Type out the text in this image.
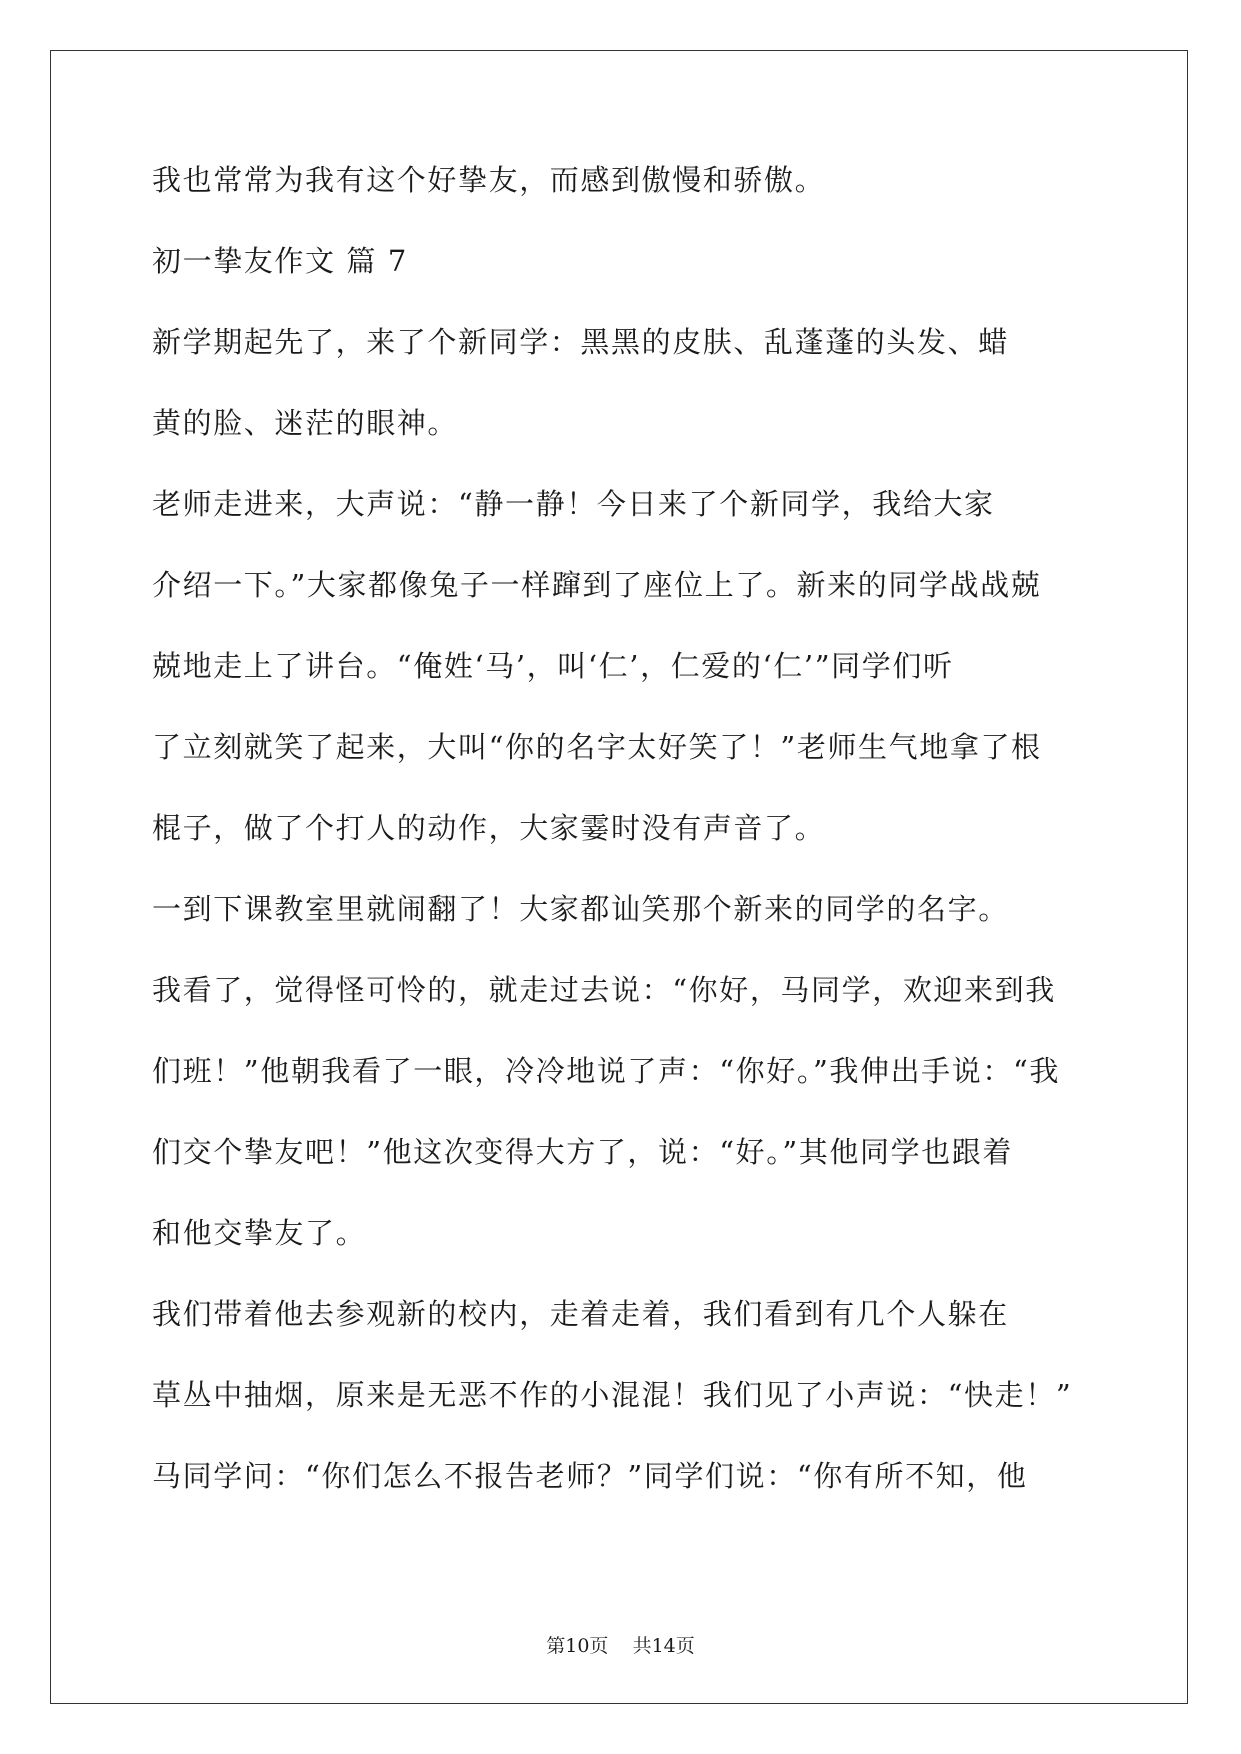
我也常常为我有这个好挚友，而感到傲慢和骄傲。
初一挚友作文 篇 7
新学期起先了，来了个新同学：黑黑的皮肤、乱蓬蓬的头发、蜡
黄的脸、迷茫的眼神。
老师走进来，大声说：“静一静！今日来了个新同学，我给大家
介绍一下。”大家都像兔子一样蹿到了座位上了。新来的同学战战兢
兢地走上了讲台。“俺姓‘马’，叫‘仁’，仁爱的‘仁’”同学们听
了立刻就笑了起来，大叫“你的名字太好笑了！”老师生气地拿了根
棍子，做了个打人的动作，大家霎时没有声音了。
一到下课教室里就闹翻了！大家都讪笑那个新来的同学的名字。
我看了，觉得怪可怜的，就走过去说：“你好，马同学，欢迎来到我
们班！”他朝我看了一眼，冷冷地说了声：“你好。”我伸出手说：“我
们交个挚友吧！”他这次变得大方了，说：“好。”其他同学也跟着
和他交挚友了。
我们带着他去参观新的校内，走着走着，我们看到有几个人躲在
草丛中抽烟，原来是无恶不作的小混混！我们见了小声说：“快走！”
马同学问：“你们怎么不报告老师？”同学们说：“你有所不知，他
第10页    共14页
